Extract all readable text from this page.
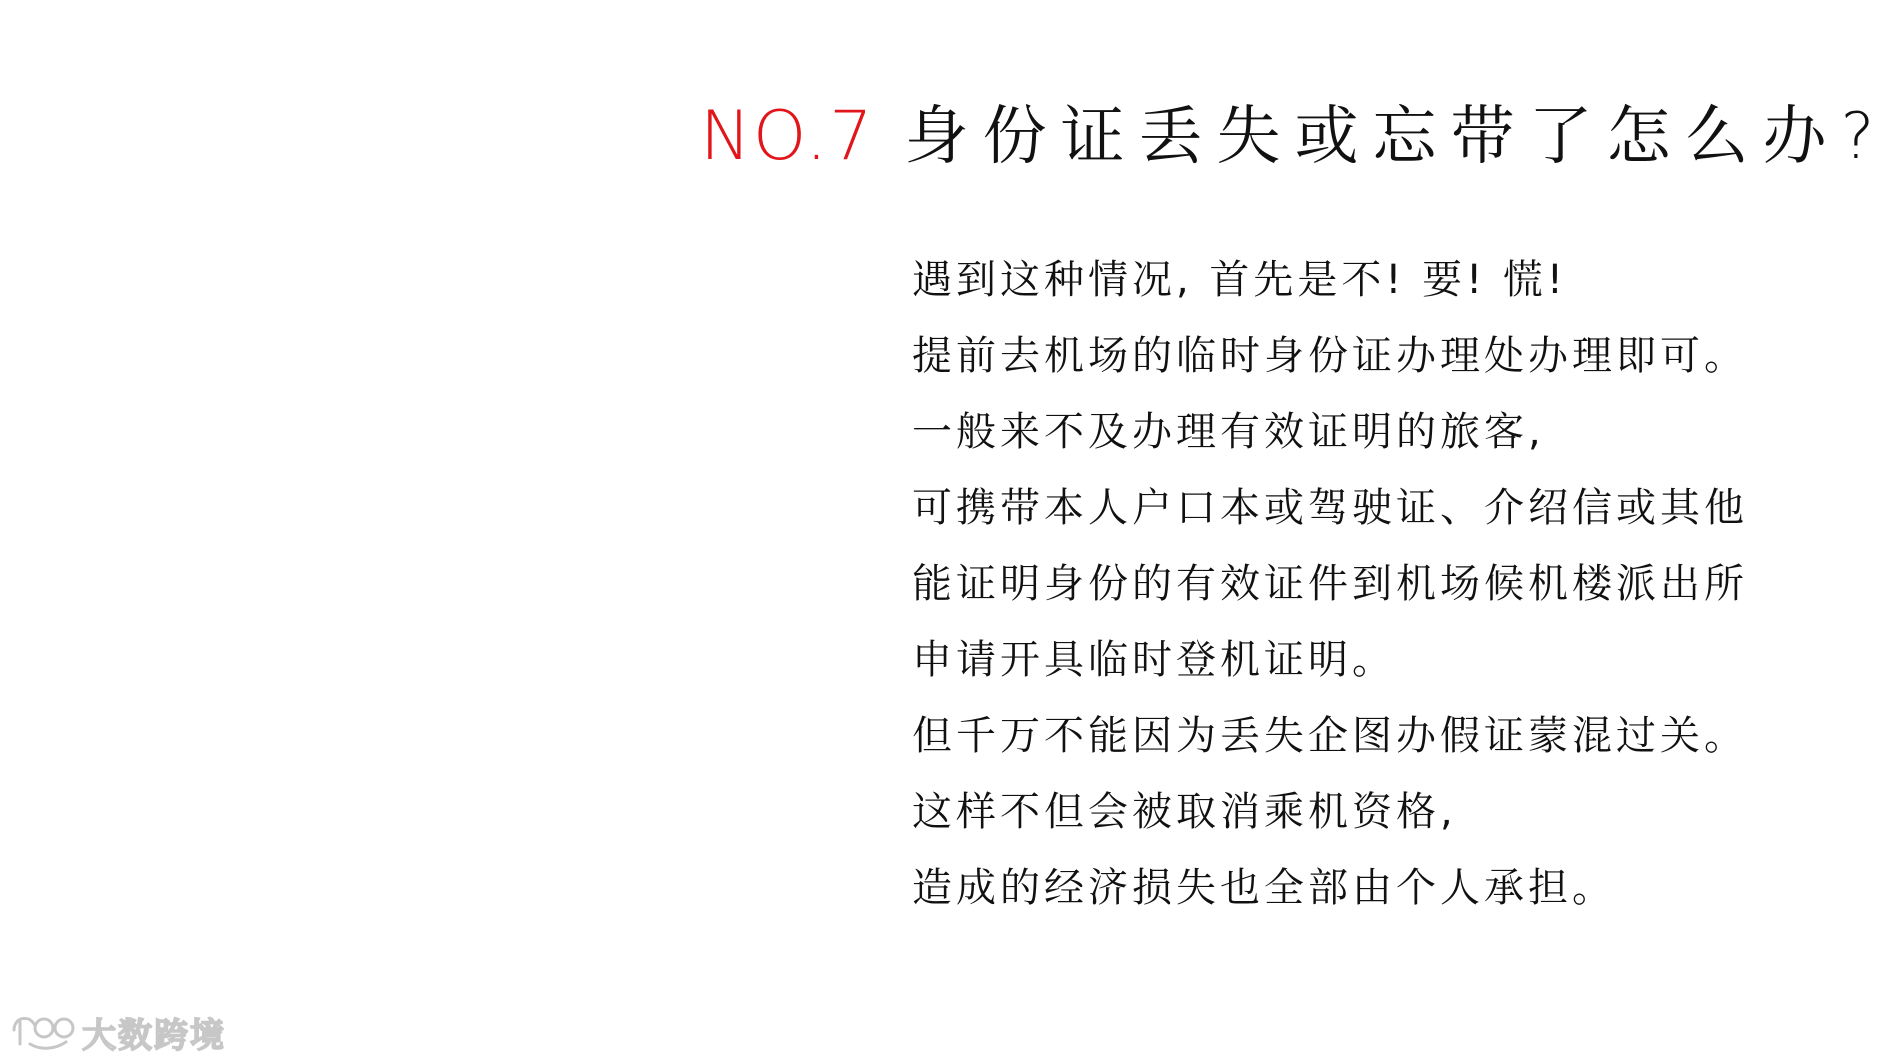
NO.7 身份证丢失或忘带了怎么办?
遇到这种情况, 首先是不! 要! 慌!
提前去机场的临时身份证办理处办理即可。
一般来不及办理有效证明的旅客,
可携带本人户口本或驾驶证、介绍信或其他
能证明身份的有效证件到机场候机楼派出所
申请开具临时登机证明。
但千万不能因为丢失企图办假证蒙混过关。
这样不但会被取消乘机资格,
造成的经济损失也全部由个人承担。
大数跨境
